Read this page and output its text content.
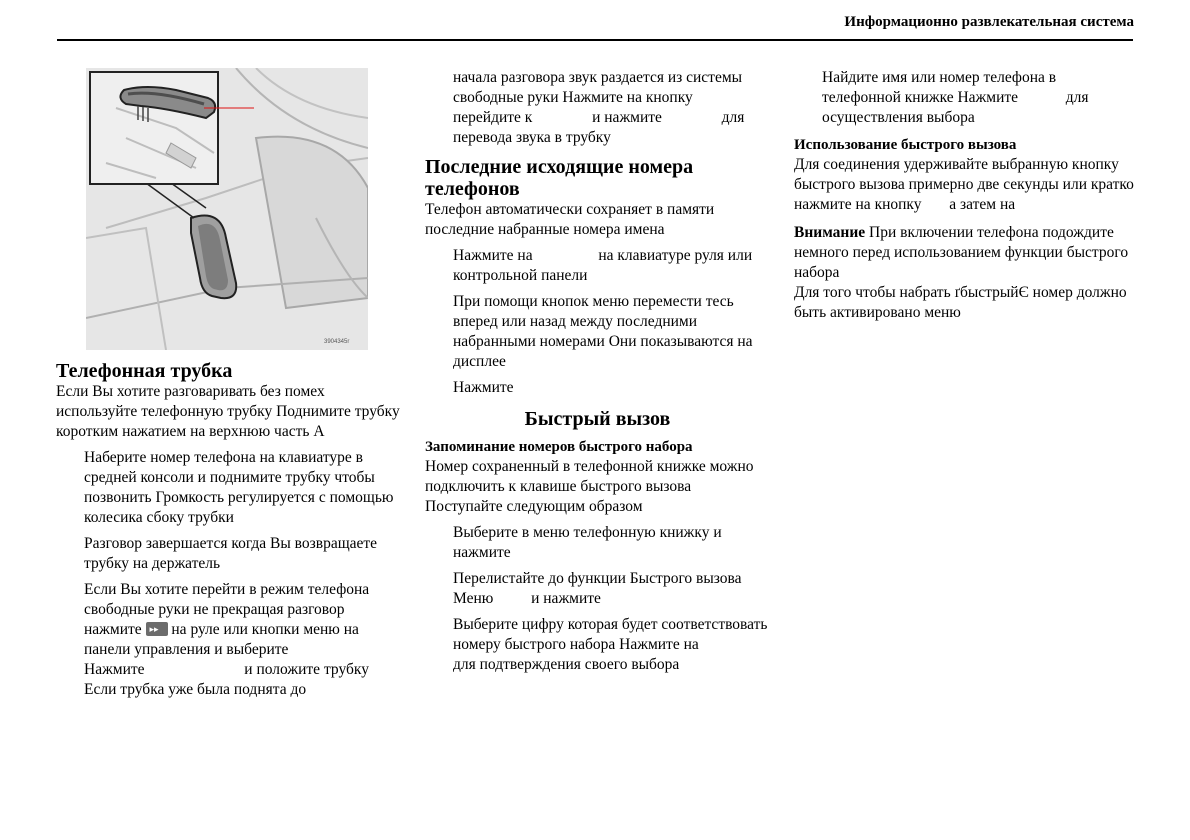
Информационно развлекательная система
3904345r
Телефонная трубка

Если Вы хотите разговаривать без помех используйте телефонную трубку Поднимите трубку коротким нажатием на верхнюю часть А

Наберите номер телефона на клавиатуре в средней консоли и поднимите трубку чтобы позвонить Громкость регулируется с помощью колесика сбоку трубки

Разговор завершается когда Вы возвращаете трубку на держатель

Если Вы хотите перейти в режим телефона свободные руки не прекращая разговор нажмите ▸▸ на руле или кнопки меню на панели управления и выберите
Нажмите	и положите трубку
Если трубка уже была поднята до

начала разговора звук раздается из системы свободные руки Нажмите на кнопку  перейдите к	и нажмите	для перевода звука в трубку

Последние исходящие номера телефонов

Телефон автоматически сохраняет в памяти последние набранные номера имена

Нажмите на	на клавиатуре руля или контрольной панели

При помощи кнопок меню перемести тесь вперед или назад между последними набранными номерами Они показываются на дисплее

Нажмите

Быстрый вызов
Запоминание номеров быстрого набора

Номер сохраненный в телефонной книжке можно подключить к клавише быстрого вызова  Поступайте следующим образом

Выберите в меню телефонную книжку и нажмите

Перелистайте до функции Быстрого вызова Меню и нажмите

Выберите цифру которая будет соответствовать номеру быстрого набора Нажмите на  для подтверждения своего выбора

Найдите имя или номер телефона в телефонной книжке Нажмите	для осуществления выбора

Использование быстрого вызова

Для соединения удерживайте выбранную кнопку быстрого вызова примерно две секунды или кратко нажмите на кнопку а затем на

Внимание При включении телефона подождите немного перед использованием функции быстрого набора

Для того чтобы набрать ґбыстрыйЄ номер должно быть активировано меню
